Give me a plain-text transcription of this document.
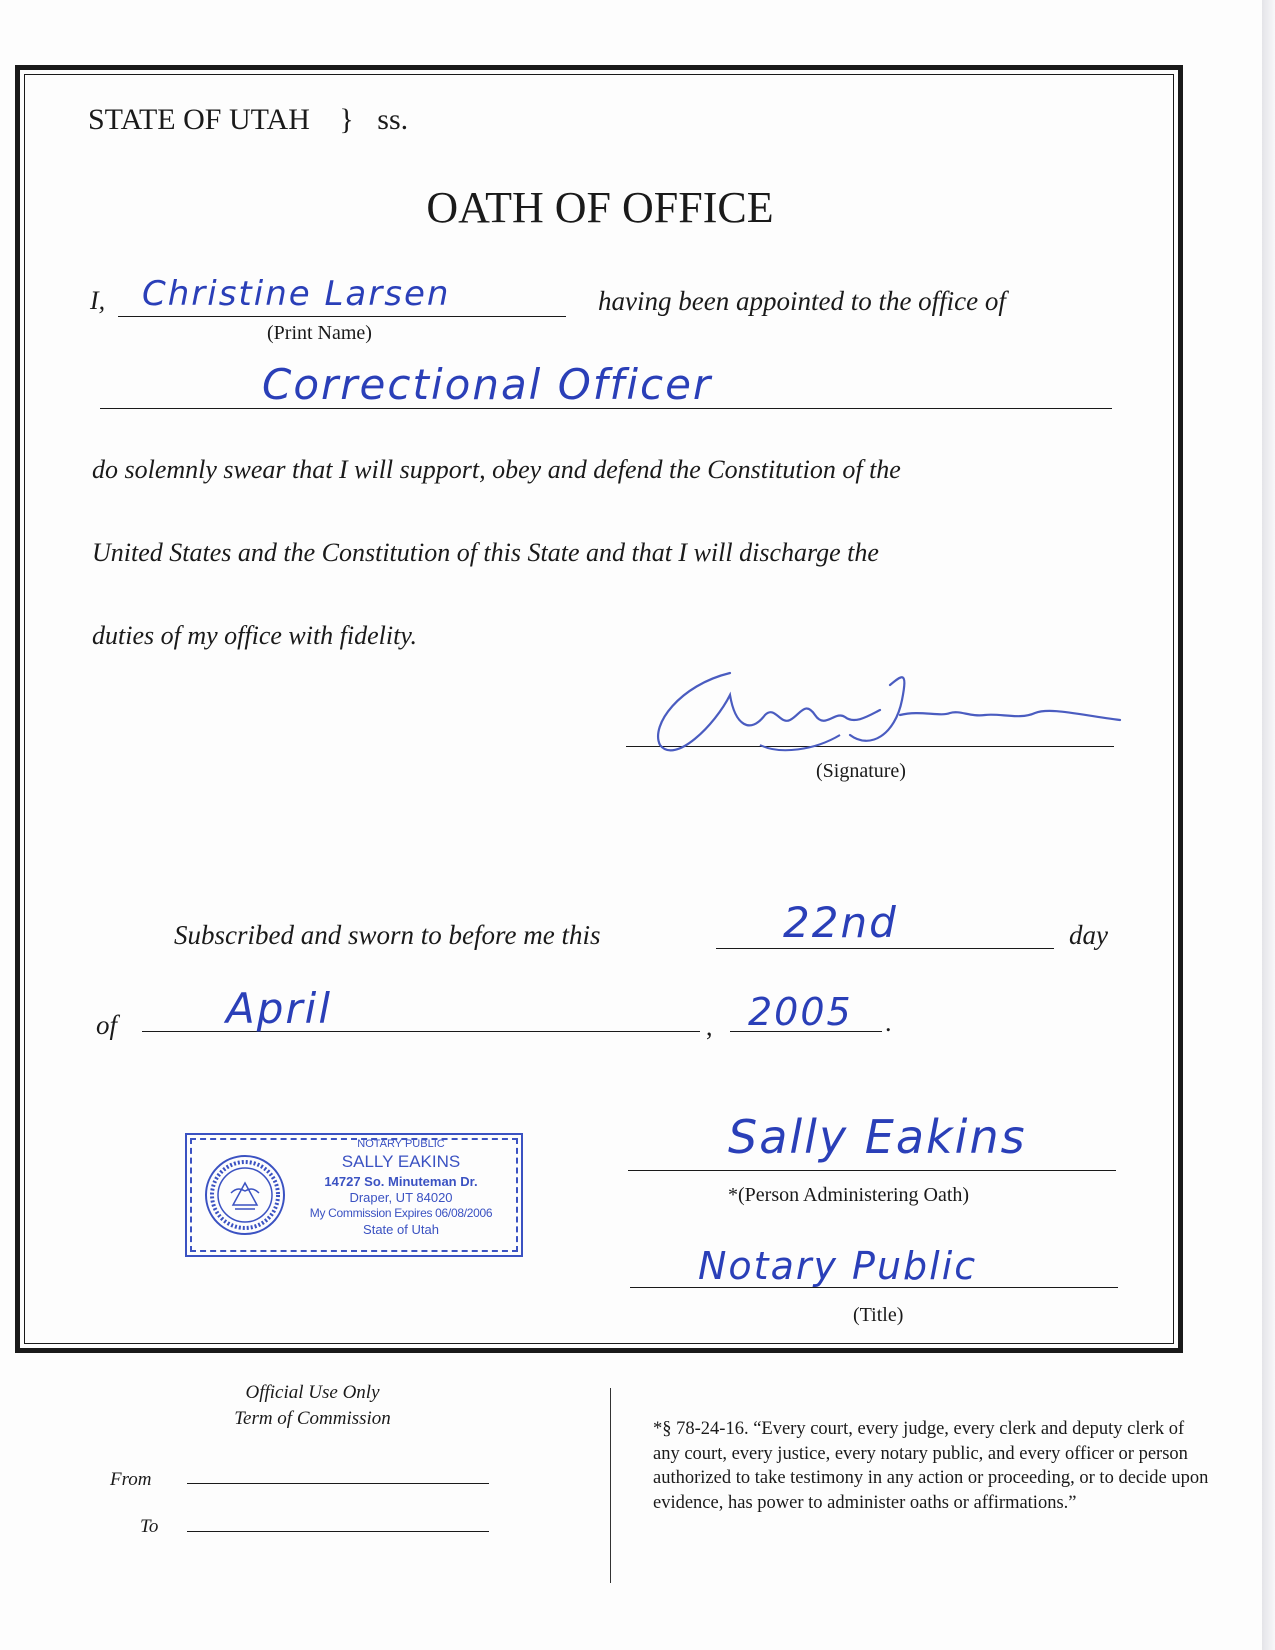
STATE OF UTAH } ss.
OATH OF OFFICE
I, Christine Larsen
(Print Name)
having been appointed to the office of
Correctional Officer
do solemnly swear that I will support, obey and defend the Constitution of the
United States and the Constitution of this State and that I will discharge the
duties of my office with fidelity.
(Signature)
Subscribed and sworn to before me this	22nd	day
of	April	, 2005 .
NOTARY PUBLIC
SALLY EAKINS
14727 So. Minuteman Dr.
Draper, UT 84020
My Commission Expires 06/08/2006
State of Utah
Sally Eakins
*(Person Administering Oath)
Notary Public
(Title)
Official Use Only
Term of Commission
From
To
*§ 78-24-16. “Every court, every judge, every clerk and deputy clerk of any court, every justice, every notary public, and every officer or person authorized to take testimony in any action or proceeding, or to decide upon evidence, has power to administer oaths or affirmations.”
